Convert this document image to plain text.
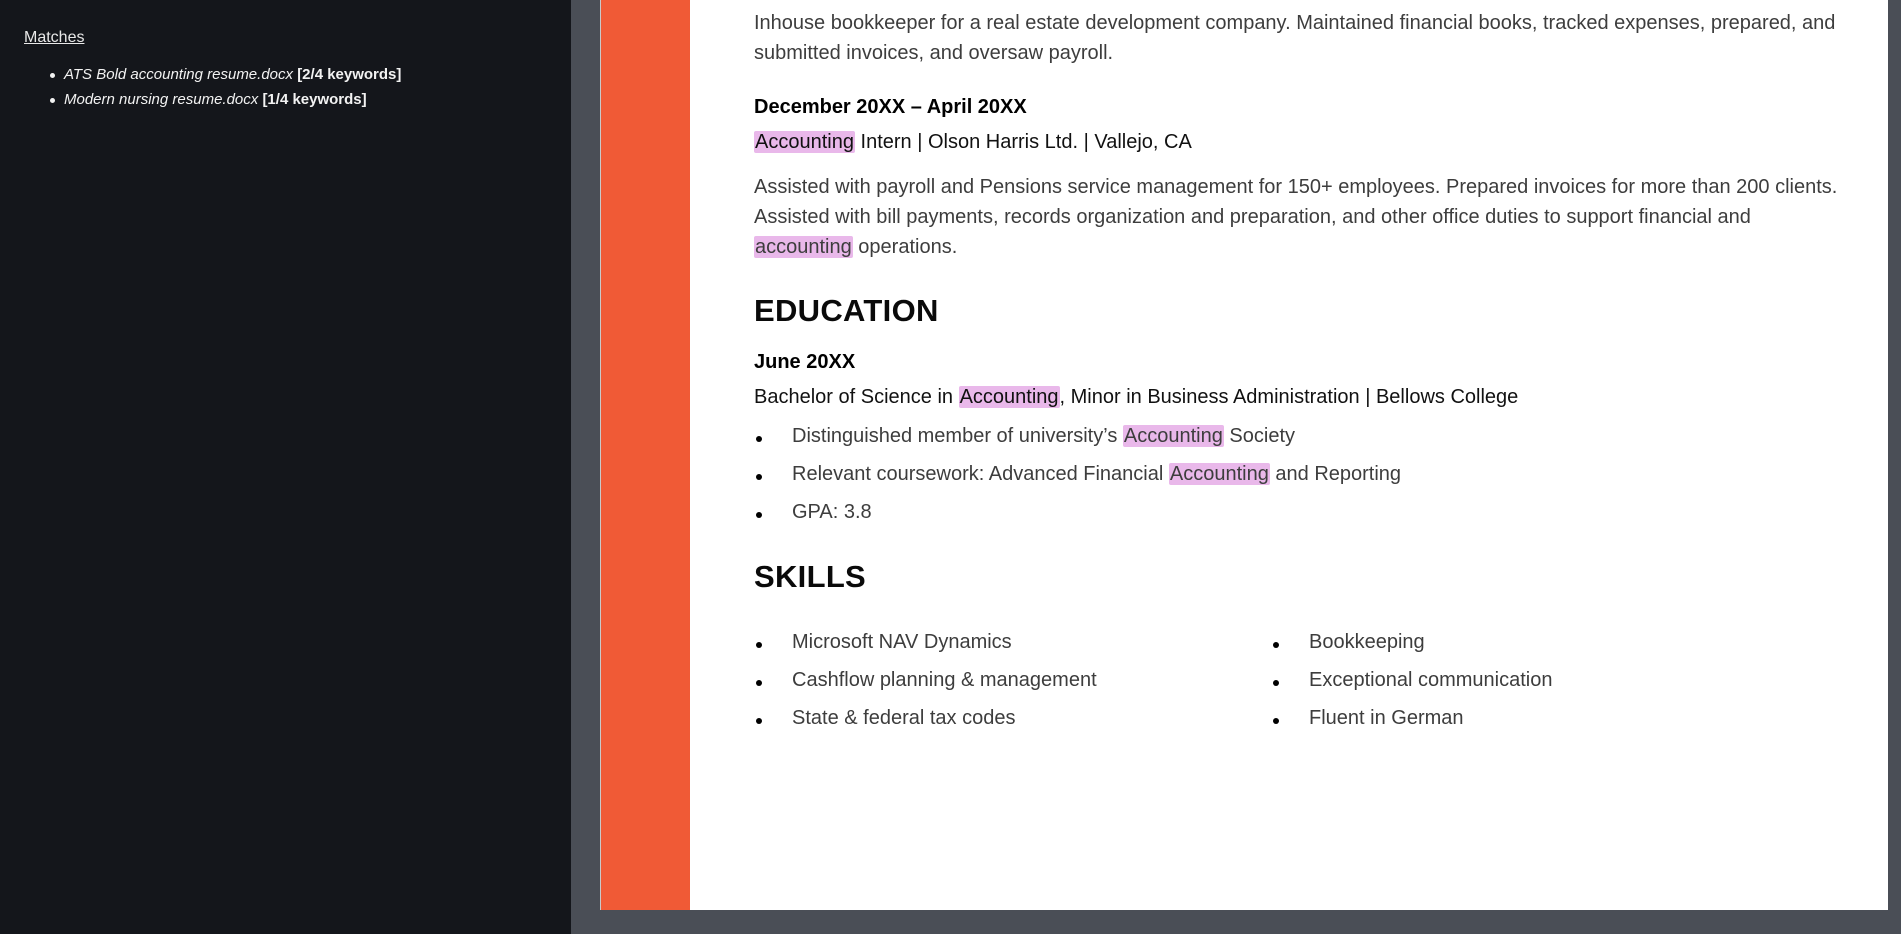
Matches
ATS Bold accounting resume.docx [2/4 keywords]
Modern nursing resume.docx [1/4 keywords]

Inhouse bookkeeper for a real estate development company. Maintained financial books, tracked expenses, prepared, and submitted invoices, and oversaw payroll.

December 20XX – April 20XX
Accounting Intern | Olson Harris Ltd. | Vallejo, CA

Assisted with payroll and Pensions service management for 150+ employees. Prepared invoices for more than 200 clients. Assisted with bill payments, records organization and preparation, and other office duties to support financial and accounting operations.

EDUCATION
June 20XX
Bachelor of Science in Accounting, Minor in Business Administration | Bellows College
Distinguished member of university’s Accounting Society
Relevant coursework: Advanced Financial Accounting and Reporting
GPA: 3.8
SKILLS
Microsoft NAV Dynamics
Cashflow planning & management
State & federal tax codes
Bookkeeping
Exceptional communication
Fluent in German
